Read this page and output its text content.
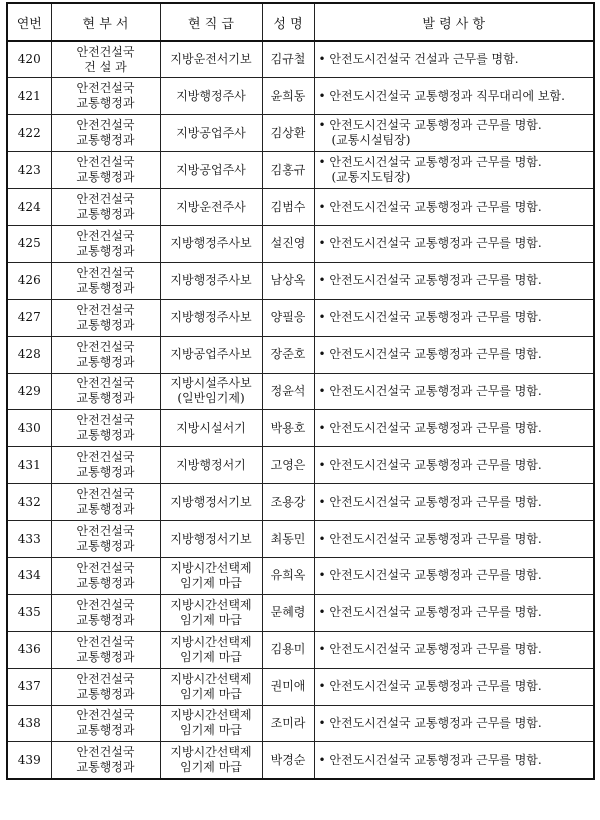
연번	현 부 서	현 직 급	성 명	발 령 사 항
420	안전건설국
건 설 과	지방운전서기보	김규철	• 안전도시건설국 건설과 근무를 명함.

421	안전건설국
교통행정과	지방행정주사	윤희동	• 안전도시건설국 교통행정과 직무대리에 보함.

422	안전건설국
교통행정과	지방공업주사	김상환	• 안전도시건설국 교통행정과 근무를 명함.
(교통시설팀장)

423	안전건설국
교통행정과	지방공업주사	김홍규	• 안전도시건설국 교통행정과 근무를 명함.
(교통지도팀장)

424	안전건설국
교통행정과	지방운전주사	김범수	• 안전도시건설국 교통행정과 근무를 명함.

425	안전건설국
교통행정과	지방행정주사보	설진영	• 안전도시건설국 교통행정과 근무를 명함.

426	안전건설국
교통행정과	지방행정주사보	남상옥	• 안전도시건설국 교통행정과 근무를 명함.

427	안전건설국
교통행정과	지방행정주사보	양필응	• 안전도시건설국 교통행정과 근무를 명함.

428	안전건설국
교통행정과	지방공업주사보	장준호	• 안전도시건설국 교통행정과 근무를 명함.

429	안전건설국
교통행정과	지방시설주사보
(일반임기제)	정윤석	• 안전도시건설국 교통행정과 근무를 명함.

430	안전건설국
교통행정과	지방시설서기	박용호	• 안전도시건설국 교통행정과 근무를 명함.

431	안전건설국
교통행정과	지방행정서기	고영은	• 안전도시건설국 교통행정과 근무를 명함.

432	안전건설국
교통행정과	지방행정서기보	조용강	• 안전도시건설국 교통행정과 근무를 명함.

433	안전건설국
교통행정과	지방행정서기보	최동민	• 안전도시건설국 교통행정과 근무를 명함.

434	안전건설국
교통행정과	지방시간선택제
임기제 마급	유희옥	• 안전도시건설국 교통행정과 근무를 명함.

435	안전건설국
교통행정과	지방시간선택제
임기제 마급	문혜령	• 안전도시건설국 교통행정과 근무를 명함.

436	안전건설국
교통행정과	지방시간선택제
임기제 마급	김용미	• 안전도시건설국 교통행정과 근무를 명함.

437	안전건설국
교통행정과	지방시간선택제
임기제 마급	권미애	• 안전도시건설국 교통행정과 근무를 명함.

438	안전건설국
교통행정과	지방시간선택제
임기제 마급	조미라	• 안전도시건설국 교통행정과 근무를 명함.

439	안전건설국
교통행정과	지방시간선택제
임기제 마급	박경순	• 안전도시건설국 교통행정과 근무를 명함.
